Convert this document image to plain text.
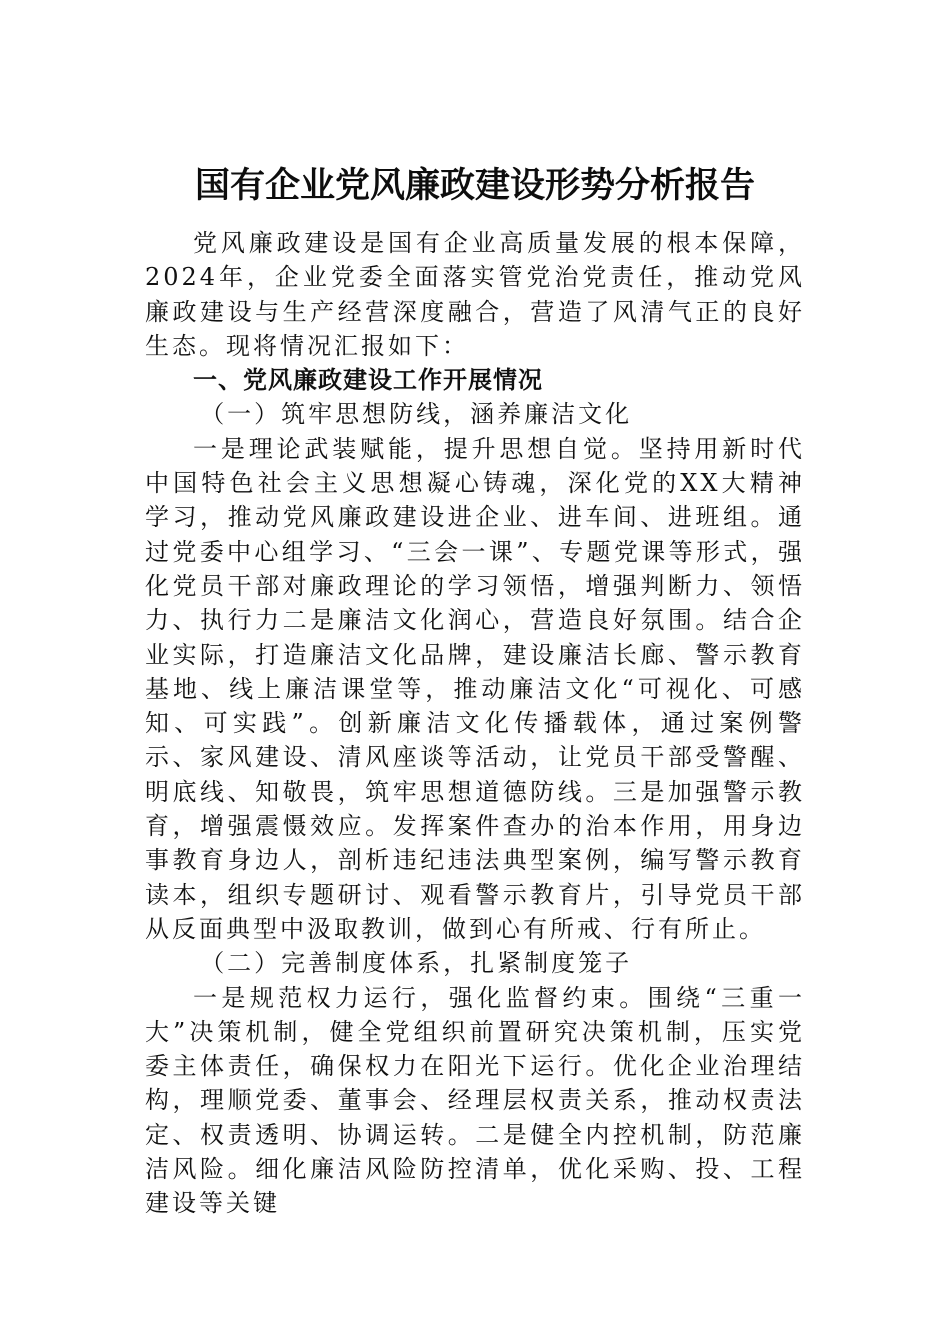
国有企业党风廉政建设形势分析报告

党风廉政建设是国有企业高质量发展的根本保障，2024年，企业党委全面落实管党治党责任，推动党风廉政建设与生产经营深度融合，营造了风清气正的良好生态。现将情况汇报如下：

一、党风廉政建设工作开展情况
（一）筑牢思想防线，涵养廉洁文化

一是理论武装赋能，提升思想自觉。坚持用新时代中国特色社会主义思想凝心铸魂，深化党的XX大精神学习，推动党风廉政建设进企业、进车间、进班组。通过党委中心组学习、“三会一课”、专题党课等形式，强化党员干部对廉政理论的学习领悟，增强判断力、领悟力、执行力二是廉洁文化润心，营造良好氛围。结合企业实际，打造廉洁文化品牌，建设廉洁长廊、警示教育基地、线上廉洁课堂等，推动廉洁文化“可视化、可感知、可实践”。创新廉洁文化传播载体，通过案例警示、家风建设、清风座谈等活动，让党员干部受警醒、明底线、知敬畏，筑牢思想道德防线。三是加强警示教育，增强震慑效应。发挥案件查办的治本作用，用身边事教育身边人，剖析违纪违法典型案例，编写警示教育读本，组织专题研讨、观看警示教育片，引导党员干部从反面典型中汲取教训，做到心有所戒、行有所止。

（二）完善制度体系，扎紧制度笼子

一是规范权力运行，强化监督约束。围绕“三重一大”决策机制，健全党组织前置研究决策机制，压实党委主体责任，确保权力在阳光下运行。优化企业治理结构，理顺党委、董事会、经理层权责关系，推动权责法定、权责透明、协调运转。二是健全内控机制，防范廉洁风险。细化廉洁风险防控清单，优化采购、投、工程建设等关键
